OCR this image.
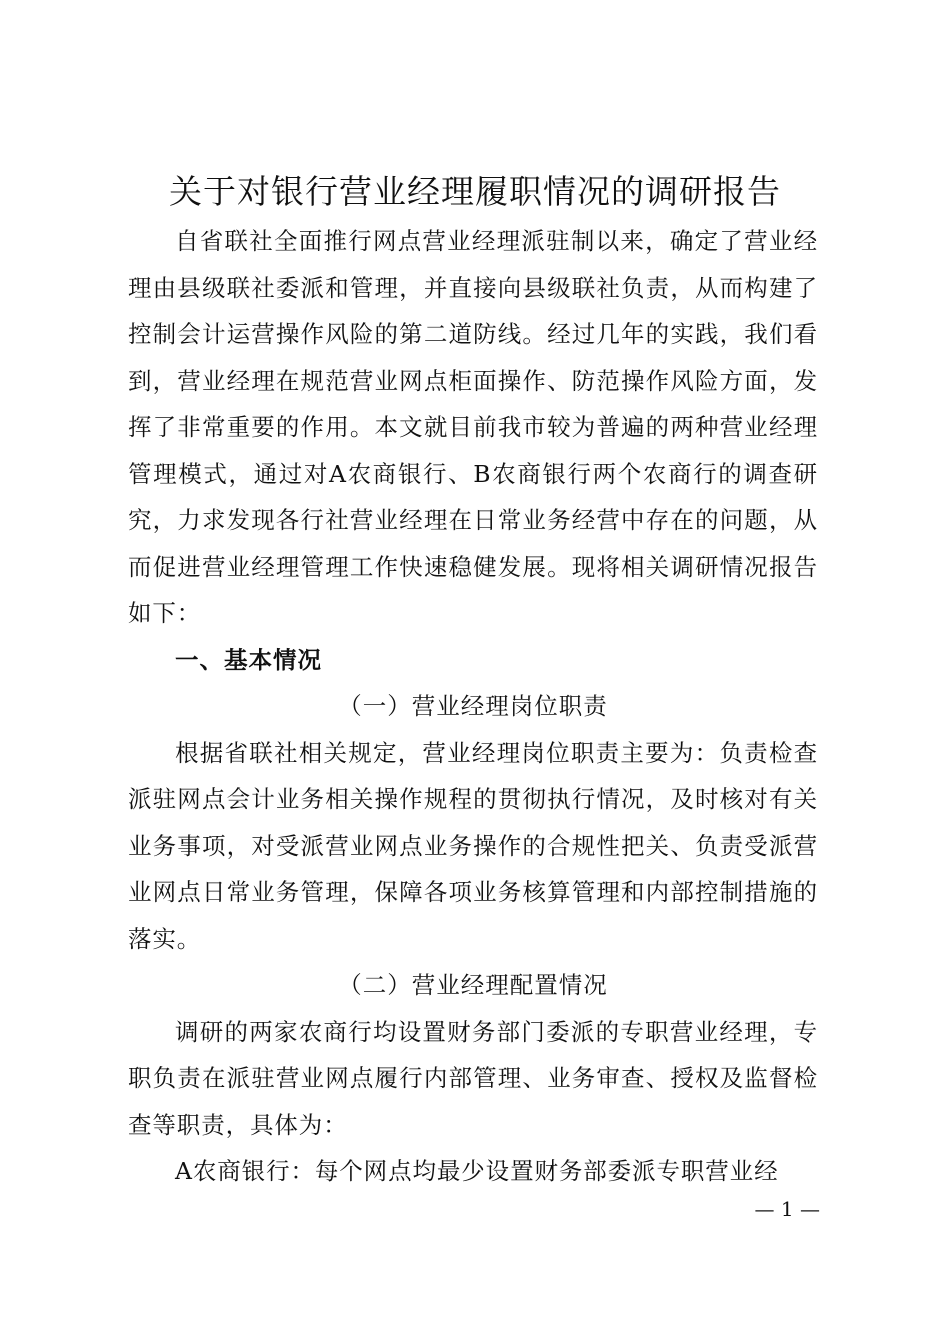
关于对银行营业经理履职情况的调研报告

自省联社全面推行网点营业经理派驻制以来，确定了营业经理由县级联社委派和管理，并直接向县级联社负责，从而构建了控制会计运营操作风险的第二道防线。经过几年的实践，我们看到，营业经理在规范营业网点柜面操作、防范操作风险方面，发挥了非常重要的作用。本文就目前我市较为普遍的两种营业经理管理模式，通过对A农商银行、B农商银行两个农商行的调查研究，力求发现各行社营业经理在日常业务经营中存在的问题，从而促进营业经理管理工作快速稳健发展。现将相关调研情况报告如下：

一、基本情况

（一）营业经理岗位职责

根据省联社相关规定，营业经理岗位职责主要为：负责检查派驻网点会计业务相关操作规程的贯彻执行情况，及时核对有关业务事项，对受派营业网点业务操作的合规性把关、负责受派营业网点日常业务管理，保障各项业务核算管理和内部控制措施的落实。

（二）营业经理配置情况

调研的两家农商行均设置财务部门委派的专职营业经理，专职负责在派驻营业网点履行内部管理、业务审查、授权及监督检查等职责，具体为：

A农商银行：每个网点均最少设置财务部委派专职营业经

— 1 —
